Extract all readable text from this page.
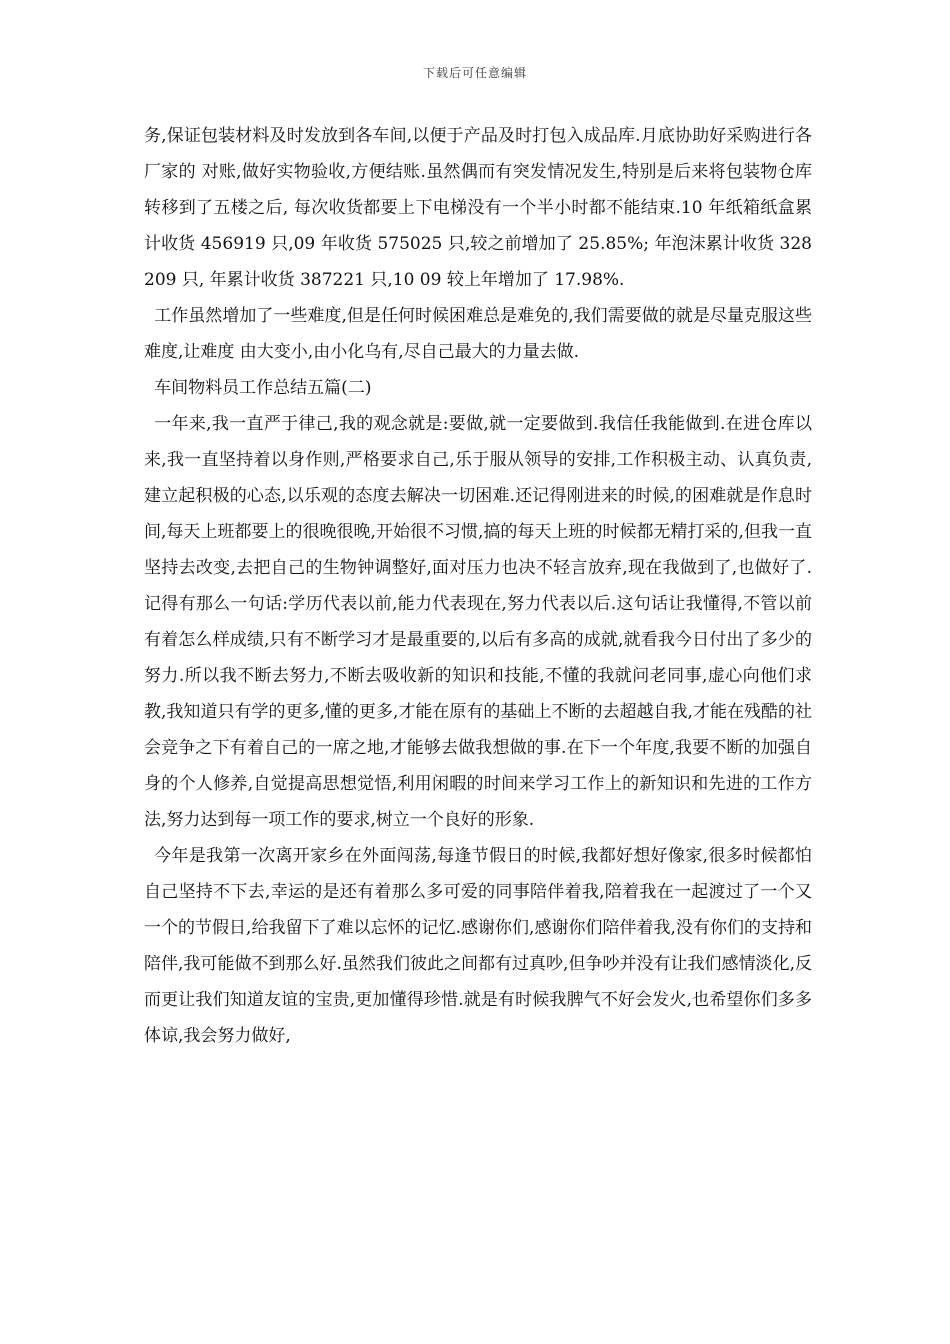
下载后可任意编辑

务,保证包装材料及时发放到各车间,以便于产品及时打包入成品库.月底协助好采购进行各厂家的 对账,做好实物验收,方便结账.虽然偶而有突发情况发生,特别是后来将包装物仓库转移到了五楼之后, 每次收货都要上下电梯没有一个半小时都不能结束.10 年纸箱纸盒累计收货 456919 只,09 年收货 575025 只,较之前增加了 25.85%; 年泡沫累计收货 328209 只, 年累计收货 387221 只,10 09 较上年增加了 17.98%.

工作虽然增加了一些难度,但是任何时候困难总是难免的,我们需要做的就是尽量克服这些难度,让难度 由大变小,由小化乌有,尽自己最大的力量去做.

车间物料员工作总结五篇(二)

一年来,我一直严于律己,我的观念就是:要做,就一定要做到.我信任我能做到.在进仓库以来,我一直坚持着以身作则,严格要求自己,乐于服从领导的安排,工作积极主动、认真负责,建立起积极的心态,以乐观的态度去解决一切困难.还记得刚进来的时候,的困难就是作息时间,每天上班都要上的很晚很晚,开始很不习惯,搞的每天上班的时候都无精打采的,但我一直坚持去改变,去把自己的生物钟调整好,面对压力也决不轻言放弃,现在我做到了,也做好了.记得有那么一句话:学历代表以前,能力代表现在,努力代表以后.这句话让我懂得,不管以前有着怎么样成绩,只有不断学习才是最重要的,以后有多高的成就,就看我今日付出了多少的努力.所以我不断去努力,不断去吸收新的知识和技能,不懂的我就问老同事,虚心向他们求教,我知道只有学的更多,懂的更多,才能在原有的基础上不断的去超越自我,才能在残酷的社会竞争之下有着自己的一席之地,才能够去做我想做的事.在下一个年度,我要不断的加强自身的个人修养,自觉提高思想觉悟,利用闲暇的时间来学习工作上的新知识和先进的工作方法,努力达到每一项工作的要求,树立一个良好的形象.

今年是我第一次离开家乡在外面闯荡,每逢节假日的时候,我都好想好像家,很多时候都怕自己坚持不下去,幸运的是还有着那么多可爱的同事陪伴着我,陪着我在一起渡过了一个又一个的节假日,给我留下了难以忘怀的记忆.感谢你们,感谢你们陪伴着我,没有你们的支持和陪伴,我可能做不到那么好.虽然我们彼此之间都有过真吵,但争吵并没有让我们感情淡化,反而更让我们知道友谊的宝贵,更加懂得珍惜.就是有时候我脾气不好会发火,也希望你们多多体谅,我会努力做好,
